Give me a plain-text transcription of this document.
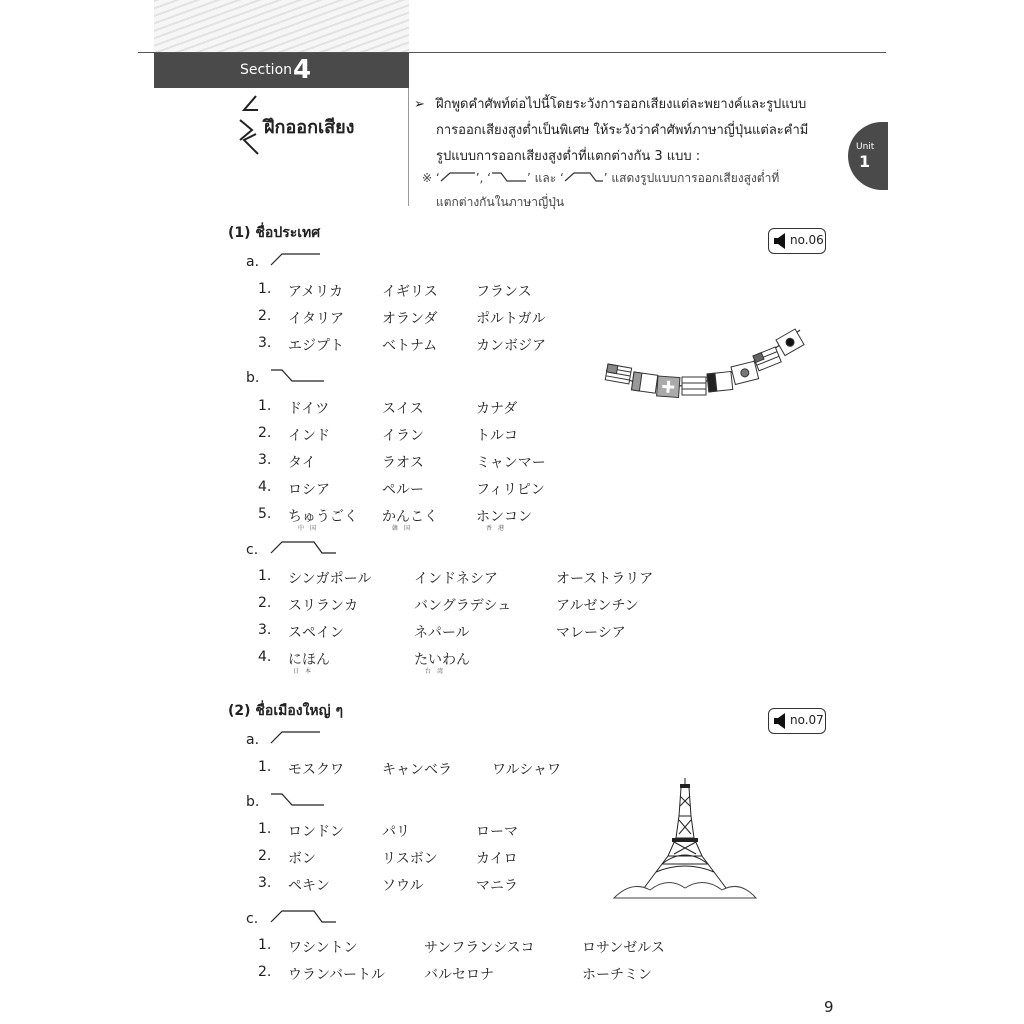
Section 4
ฝึกออกเสียง
➢ ฝึกพูดคำศัพท์ต่อไปนี้โดยระวังการออกเสียงแต่ละพยางค์และรูปแบบ
การออกเสียงสูงต่ำเป็นพิเศษ ให้ระวังว่าคำศัพท์ภาษาญี่ปุ่นแต่ละคำมี
รูปแบบการออกเสียงสูงต่ำที่แตกต่างกัน 3 แบบ :
※ ‘	’, ‘	’ และ ‘	’ แสดงรูปแบบการออกเสียงสูงต่ำที่
แตกต่างกันในภาษาญี่ปุ่น
Unit
1
(1) ชื่อประเทศ	no.06
a.
1. アメリカ	イギリス	フランス
2. イタリア	オランダ	ポルトガル
3. エジプト	ベトナム	カンボジア
b.
1. ドイツ	スイス	カナダ
2. インド	イラン	トルコ
3. タイ	ラオス	ミャンマー
4. ロシア	ペルー	フィリピン
5. ちゅうごく かんこく	ホンコン
中　国	韓　国	香　港
c.
1. シンガポール	インドネシア	オーストラリア
2. スリランカ	バングラデシュ	アルゼンチン
3. スペイン	ネパール	マレーシア
4. にほん	たいわん
日　本	台　湾
(2) ชื่อเมืองใหญ่ ๆ
no.07
a.
1. モスクワ	キャンベラ	ワルシャワ
b.
1. ロンドン	パリ	ローマ
2. ボン	リスボン	カイロ
3. ペキン	ソウル	マニラ
c.
1. ワシントン	サンフランシスコ	ロサンゼルス
2. ウランバートル	バルセロナ	ホーチミン
9
